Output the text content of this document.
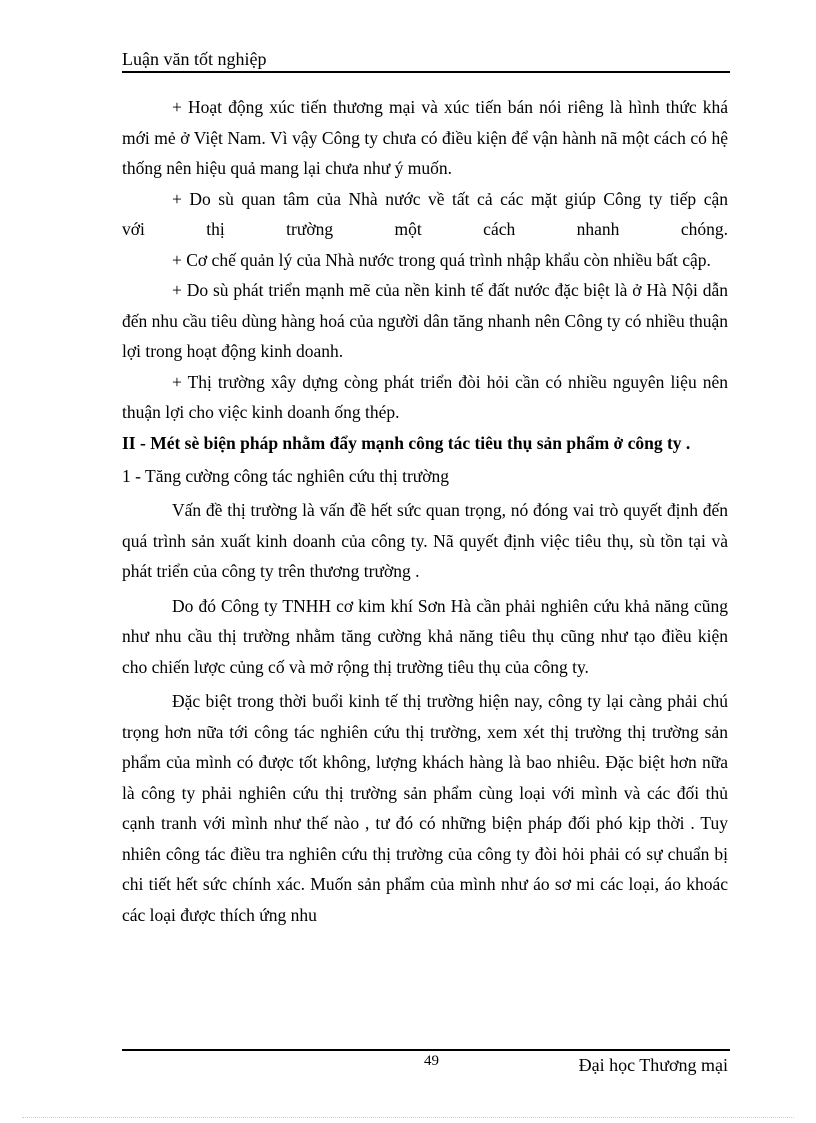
Luận văn tốt nghiệp

+ Hoạt động xúc tiến thương mại và xúc tiến bán nói riêng là hình thức khá mới mẻ ở Việt Nam. Vì vậy Công ty chưa có điều kiện để vận hành nã một cách có hệ thống nên hiệu quả mang lại chưa như ý muốn.

+ Do sù quan tâm của Nhà nước về tất cả các mặt giúp Công ty tiếp cận

với thị trường một cách nhanh chóng.

+ Cơ chế quản lý của Nhà nước trong quá trình nhập khẩu còn nhiều bất cập.

+ Do sù phát triển mạnh mẽ của nền kinh tế đất nước đặc biệt là ở Hà Nội dẫn đến nhu cầu tiêu dùng hàng hoá của người dân tăng nhanh nên Công ty có nhiều thuận lợi trong hoạt động kinh doanh.

+ Thị trường xây dựng còng phát triển đòi hỏi cần có nhiều nguyên liệu nên thuận lợi cho việc kinh doanh ống thép.

II - Mét sè biện pháp nhằm đẩy mạnh công tác tiêu thụ sản phẩm ở công ty .

1 - Tăng cường công tác nghiên cứu thị trường

Vấn đề thị trường là vấn đề hết sức quan trọng, nó đóng vai trò quyết định đến quá trình sản xuất kinh doanh của công ty. Nã quyết định việc tiêu thụ, sù tồn tại và phát triển của công ty trên thương trường .

Do đó Công ty TNHH cơ kim khí Sơn Hà cần phải nghiên cứu khả năng cũng như nhu cầu thị trường nhằm tăng cường khả năng tiêu thụ cũng như tạo điều kiện cho chiến lược củng cố và mở rộng thị trường tiêu thụ của công ty.

Đặc biệt trong thời buổi kinh tế thị trường hiện nay, công ty lại càng phải chú trọng hơn nữa tới công tác nghiên cứu thị trường, xem xét thị trường thị trường sản phẩm của mình có được tốt không, lượng khách hàng là bao nhiêu. Đặc biệt hơn nữa là công ty phải nghiên cứu thị trường sản phẩm cùng loại với mình và các đối thủ cạnh tranh với mình như thế nào , tư đó có những biện pháp đối phó kịp thời . Tuy nhiên công tác điều tra nghiên cứu thị trường của công ty đòi hỏi phải có sự chuẩn bị chi tiết hết sức chính xác. Muốn sản phẩm của mình như áo sơ mi các loại, áo khoác các loại được thích ứng nhu

49	Đại học Thương mại
